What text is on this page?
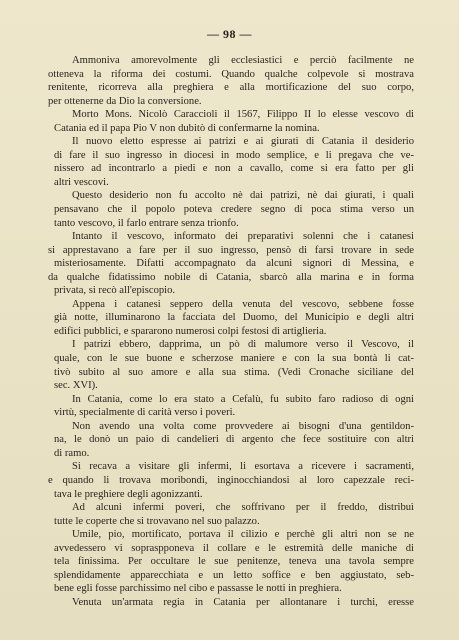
— 98 —
Ammoniva amorevolmente gli ecclesiastici e perciò facilmente ne
otteneva la riforma dei costumi. Quando qualche colpevole si mostrava
renitente, ricorreva alla preghiera e alla mortificazione del suo corpo,
per ottenerne da Dio la conversione.
Morto Mons. Nicolò Caraccioli il 1567, Filippo II lo elesse vescovo di
Catania ed il papa Pio V non dubitò di confermarne la nomina.
Il nuovo eletto espresse ai patrizi e ai giurati di Catania il desiderio
di fare il suo ingresso in diocesi in modo semplice, e li pregava che ve-
nissero ad incontrarlo a piedi e non a cavallo, come si era fatto per gli
altri vescovi.
Questo desiderio non fu accolto nè dai patrizi, nè dai giurati, i quali
pensavano che il popolo poteva credere segno di poca stima verso un
tanto vescovo, il farlo entrare senza trionfo.
Intanto il vescovo, informato dei preparativi solenni che i catanesi
si apprestavano a fare per il suo ingresso, pensò di farsi trovare in sede
misteriosamente. Difatti accompagnato da alcuni signori di Messina, e
da qualche fidatissimo nobile di Catania, sbarcò alla marina e in forma
privata, si recò all'episcopio.
Appena i catanesi seppero della venuta del vescovo, sebbene fosse
già notte, illuminarono la facciata del Duomo, del Municipio e degli altri
edifici pubblici, e spararono numerosi colpi festosi di artiglieria.
I patrizi ebbero, dapprima, un pò di malumore verso il Vescovo, il
quale, con le sue buone e scherzose maniere e con la sua bontà li cat-
tivò subito al suo amore e alla sua stima. (Vedi Cronache siciliane del
sec. XVI).
In Catania, come lo era stato a Cefalù, fu subito faro radioso di ogni
virtù, specialmente di carità verso i poveri.
Non avendo una volta come provvedere ai bisogni d'una gentildon-
na, le donò un paio di candelieri di argento che fece sostituire con altri
di ramo.
Si recava a visitare gli infermi, li esortava a ricevere i sacramenti,
e quando li trovava moribondi, inginocchiandosi al loro capezzale reci-
tava le preghiere degli agonizzanti.
Ad alcuni infermi poveri, che soffrivano per il freddo, distribuì
tutte le coperte che si trovavano nel suo palazzo.
Umile, pio, mortificato, portava il cilizio e perchè gli altri non se ne
avvedessero vi sopraspponeva il collare e le estremità delle maniche di
tela finissima. Per occultare le sue penitenze, teneva una tavola sempre
splendidamente apparecchiata e un letto soffice e ben aggiustato, seb-
bene egli fosse parchissimo nel cibo e passasse le notti in preghiera.
Venuta un'armata regia in Catania per allontanare i turchi, eresse
